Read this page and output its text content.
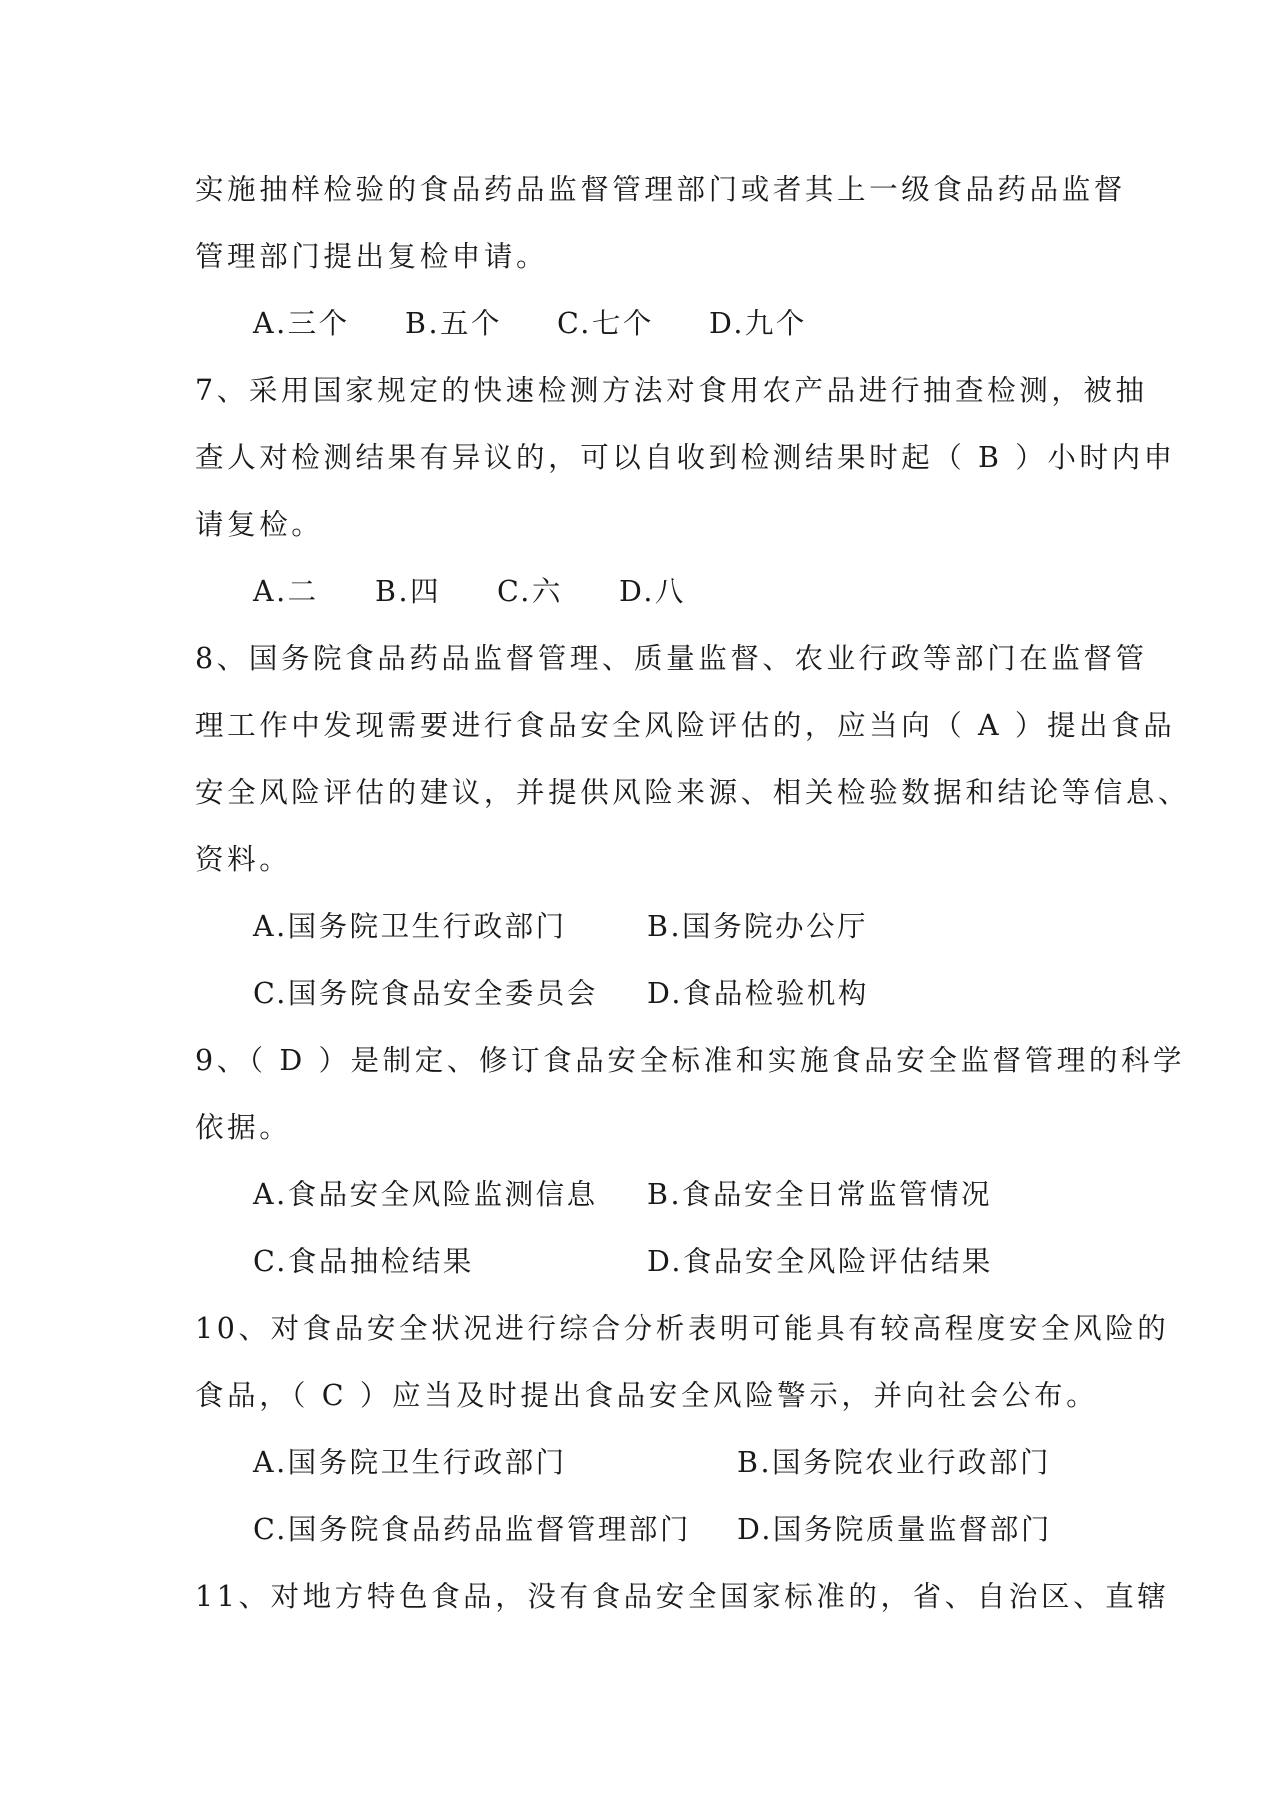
实施抽样检验的食品药品监督管理部门或者其上一级食品药品监督

管理部门提出复检申请。

A.三个 B.五个 C.七个 D.九个

7、采用国家规定的快速检测方法对食用农产品进行抽查检测，被抽

查人对检测结果有异议的，可以自收到检测结果时起（ B ）小时内申

请复检。

A.二 B.四 C.六 D.八

8、国务院食品药品监督管理、质量监督、农业行政等部门在监督管

理工作中发现需要进行食品安全风险评估的，应当向（ A ）提出食品

安全风险评估的建议，并提供风险来源、相关检验数据和结论等信息、

资料。

A.国务院卫生行政部门	B.国务院办公厅

C.国务院食品安全委员会 D.食品检验机构

9、（ D ）是制定、修订食品安全标准和实施食品安全监督管理的科学

依据。

A.食品安全风险监测信息 B.食品安全日常监管情况

C.食品抽检结果	D.食品安全风险评估结果

10、对食品安全状况进行综合分析表明可能具有较高程度安全风险的

食品，（ C ）应当及时提出食品安全风险警示，并向社会公布。

A.国务院卫生行政部门	B.国务院农业行政部门

C.国务院食品药品监督管理部门 D.国务院质量监督部门

11、对地方特色食品，没有食品安全国家标准的，省、自治区、直辖
